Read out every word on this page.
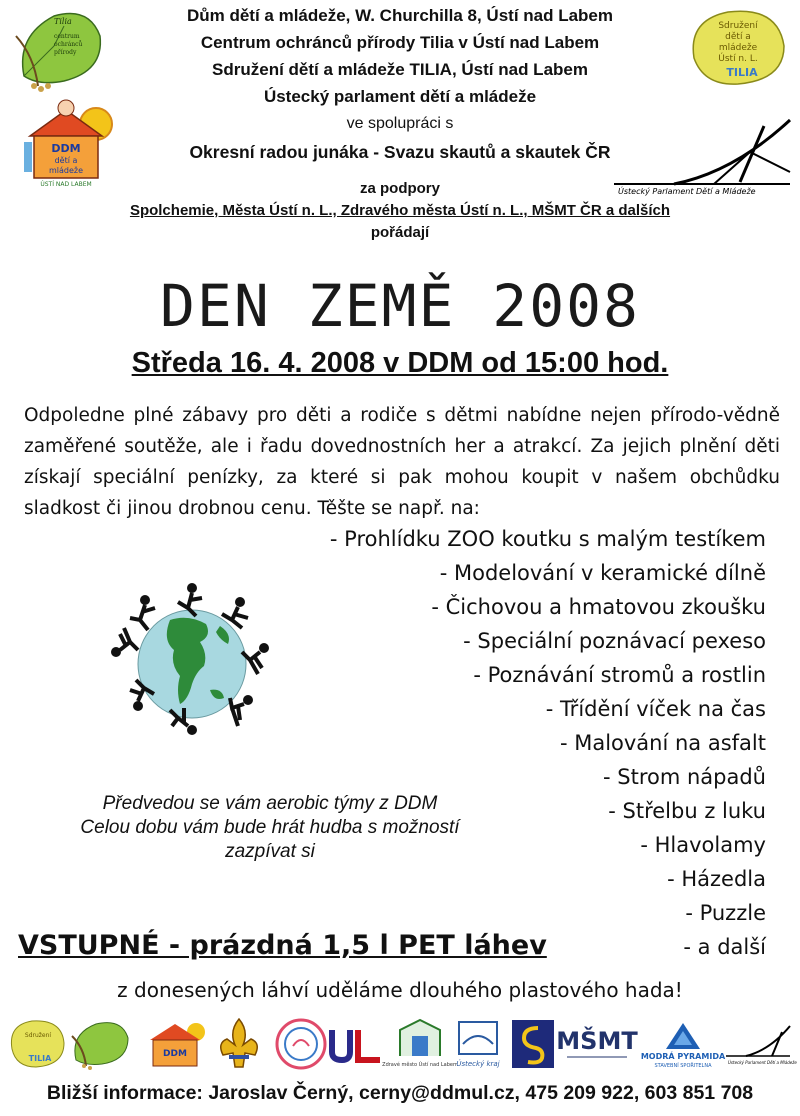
Tilia
centrum
ochránců
přírody
DDM
dětí a
mládeže
ÚSTÍ NAD LABEM
Sdružení
dětí a
mládeže
Ústí n. L.
TILIA
Ústecký Parlament Dětí a Mládeže
Dům dětí a mládeže, W. Churchilla 8, Ústí nad Labem
Centrum ochránců přírody Tilia v Ústí nad Labem
Sdružení dětí a mládeže TILIA, Ústí nad Labem
Ústecký parlament dětí a mládeže
ve spolupráci s
Okresní radou junáka - Svazu skautů a skautek ČR
za podpory
Spolchemie, Města Ústí n. L., Zdravého města Ústí n. L., MŠMT ČR a dalších
pořádají
DEN ZEMĚ 2008
Středa 16. 4. 2008 v DDM od 15:00 hod.
Odpoledne plné zábavy pro děti a rodiče s dětmi nabídne nejen přírodo-vědně zaměřené soutěže, ale i řadu dovednostních her a atrakcí. Za jejich plnění děti získají speciální penízky, za které si pak mohou koupit v našem obchůdku sladkost či jinou drobnou cenu. Těšte se např. na:
- Prohlídku ZOO koutku s malým testíkem
- Modelování v keramické dílně
- Čichovou a hmatovou zkoušku
- Speciální poznávací pexeso
- Poznávání stromů a rostlin
- Třídění víček na čas
- Malování na asfalt
- Strom nápadů
- Střelbu z luku
- Hlavolamy
- Házedla
- Puzzle
- a další
Předvedou se vám aerobic týmy z DDM
Celou dobu vám bude hrát hudba s možností
zazpívat si
VSTUPNÉ - prázdná 1,5 l PET láhev
z donesených láhví uděláme dlouhého plastového hada!
Sdružení
TILIA	DDM
Zdravé město Ústí nad Labem
Ústecký kraj
MŠMT
MODRÁ PYRAMIDA
STAVEBNÍ SPOŘITELNA
Ústecký Parlament Dětí a Mládeže
Bližší informace: Jaroslav Černý, cerny@ddmul.cz, 475 209 922, 603 851 708
